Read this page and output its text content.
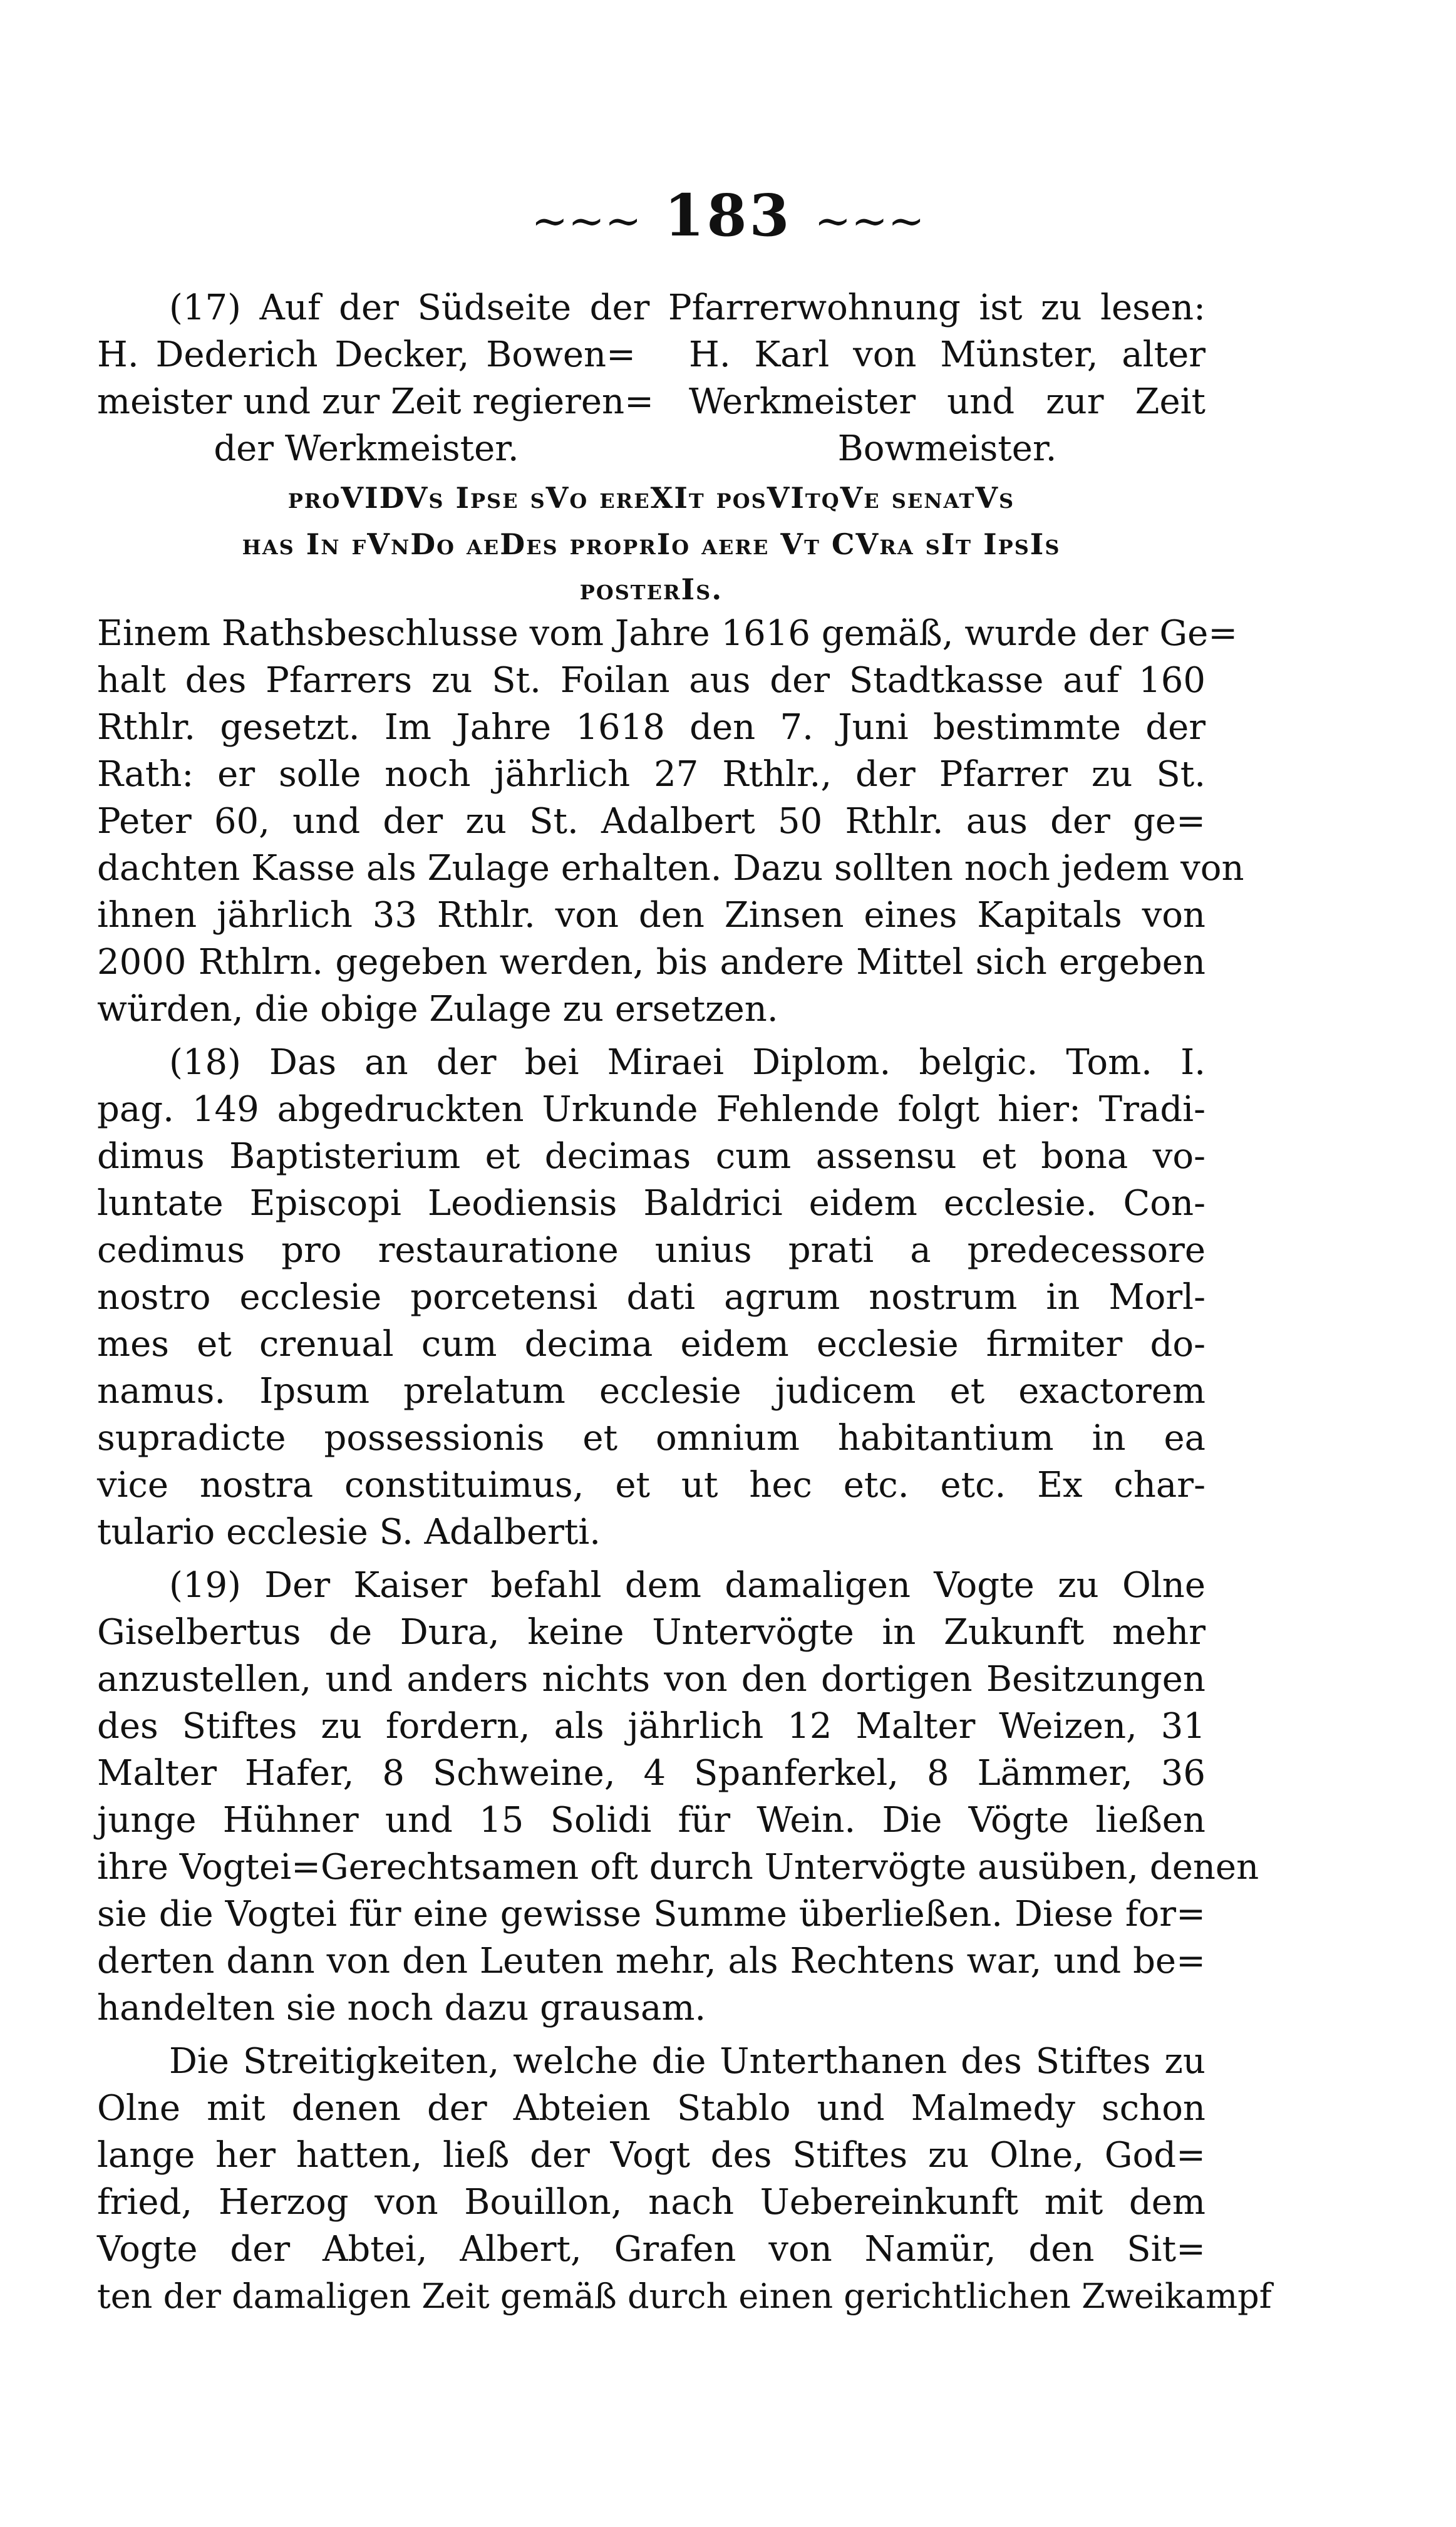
~~~ 183 ~~~
(17) Auf der Südseite der Pfarrerwohnung ist zu lesen:
H. Dederich Decker, Bowen=
meister und zur Zeit regieren=
der Werkmeister.
H. Karl von Münster, alter
Werkmeister und zur Zeit
Bowmeister.
proVIDVs Ipse sVo ereXIt posVItqVe senatVs
has In fVnDo aeDes proprIo aere Vt CVra sIt IpsIs
posterIs.
Einem Rathsbeschlusse vom Jahre 1616 gemäß, wurde der Ge=
halt des Pfarrers zu St. Foilan aus der Stadtkasse auf 160
Rthlr. gesetzt. Im Jahre 1618 den 7. Juni bestimmte der
Rath: er solle noch jährlich 27 Rthlr., der Pfarrer zu St.
Peter 60, und der zu St. Adalbert 50 Rthlr. aus der ge=
dachten Kasse als Zulage erhalten. Dazu sollten noch jedem von
ihnen jährlich 33 Rthlr. von den Zinsen eines Kapitals von
2000 Rthlrn. gegeben werden, bis andere Mittel sich ergeben
würden, die obige Zulage zu ersetzen.
(18) Das an der bei Miraei Diplom. belgic. Tom. I.
pag. 149 abgedruckten Urkunde Fehlende folgt hier: Tradi-
dimus Baptisterium et decimas cum assensu et bona vo-
luntate Episcopi Leodiensis Baldrici eidem ecclesie. Con-
cedimus pro restauratione unius prati a predecessore
nostro ecclesie porcetensi dati agrum nostrum in Morl-
mes et crenual cum decima eidem ecclesie firmiter do-
namus. Ipsum prelatum ecclesie judicem et exactorem
supradicte possessionis et omnium habitantium in ea
vice nostra constituimus, et ut hec etc. etc. Ex char-
tulario ecclesie S. Adalberti.
(19) Der Kaiser befahl dem damaligen Vogte zu Olne
Giselbertus de Dura, keine Untervögte in Zukunft mehr
anzustellen, und anders nichts von den dortigen Besitzungen
des Stiftes zu fordern, als jährlich 12 Malter Weizen, 31
Malter Hafer, 8 Schweine, 4 Spanferkel, 8 Lämmer, 36
junge Hühner und 15 Solidi für Wein. Die Vögte ließen
ihre Vogtei=Gerechtsamen oft durch Untervögte ausüben, denen
sie die Vogtei für eine gewisse Summe überließen. Diese for=
derten dann von den Leuten mehr, als Rechtens war, und be=
handelten sie noch dazu grausam.
Die Streitigkeiten, welche die Unterthanen des Stiftes zu
Olne mit denen der Abteien Stablo und Malmedy schon
lange her hatten, ließ der Vogt des Stiftes zu Olne, God=
fried, Herzog von Bouillon, nach Uebereinkunft mit dem
Vogte der Abtei, Albert, Grafen von Namür, den Sit=
ten der damaligen Zeit gemäß durch einen gerichtlichen Zweikampf
